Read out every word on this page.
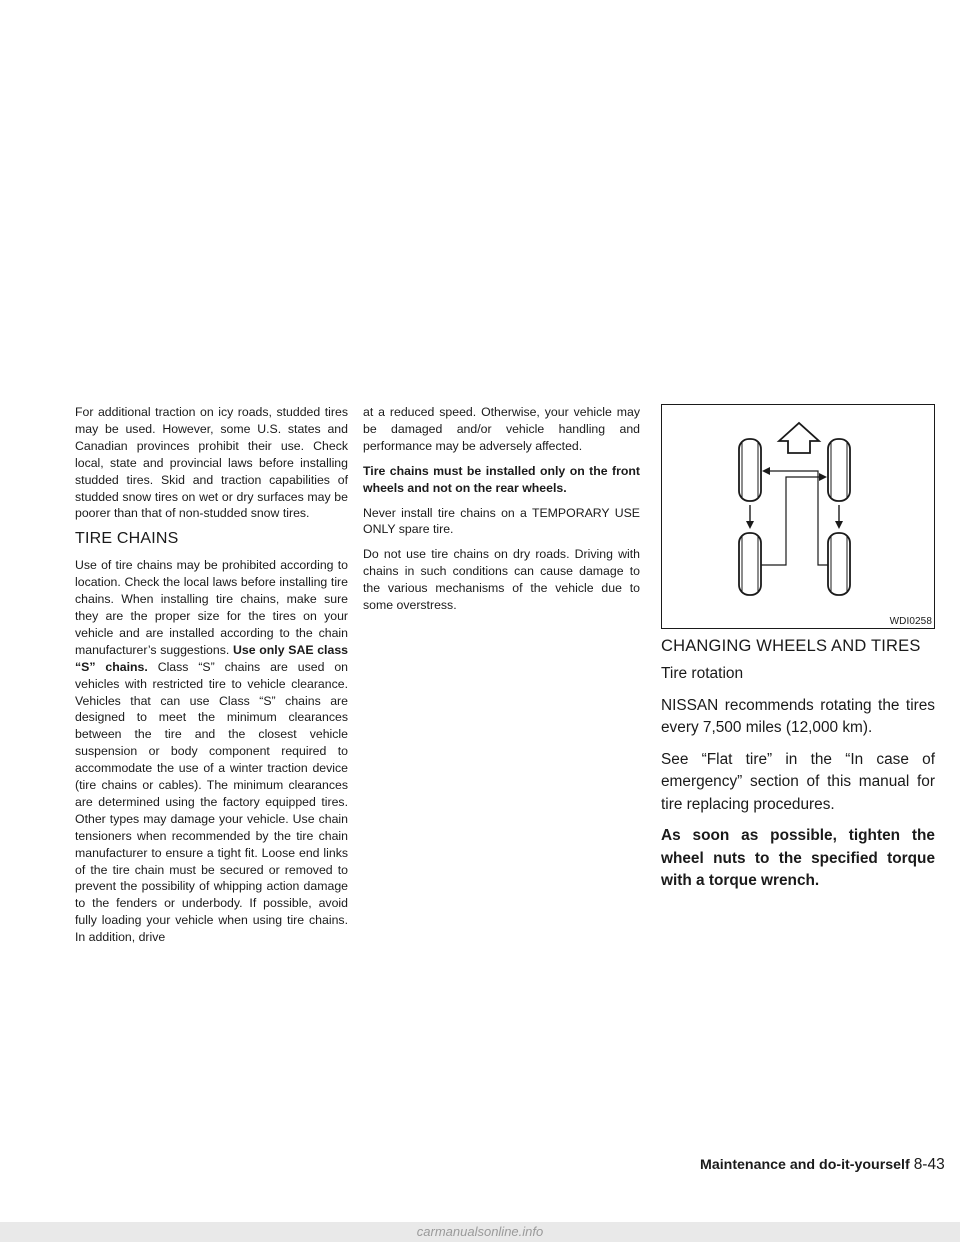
For additional traction on icy roads, studded tires may be used. However, some U.S. states and Canadian provinces prohibit their use. Check local, state and provincial laws before installing studded tires. Skid and traction capabilities of studded snow tires on wet or dry surfaces may be poorer than that of non-studded snow tires.

TIRE CHAINS

Use of tire chains may be prohibited according to location. Check the local laws before installing tire chains. When installing tire chains, make sure they are the proper size for the tires on your vehicle and are installed according to the chain manufacturer’s suggestions. Use only SAE class “S” chains. Class “S” chains are used on vehicles with restricted tire to vehicle clearance. Vehicles that can use Class “S” chains are designed to meet the minimum clearances between the tire and the closest vehicle suspension or body component required to accommodate the use of a winter traction device (tire chains or cables). The minimum clearances are determined using the factory equipped tires. Other types may damage your vehicle. Use chain tensioners when recommended by the tire chain manufacturer to ensure a tight fit. Loose end links of the tire chain must be secured or removed to prevent the possibility of whipping action damage to the fenders or underbody. If possible, avoid fully loading your vehicle when using tire chains. In addition, drive

at a reduced speed. Otherwise, your vehicle may be damaged and/or vehicle handling and performance may be adversely affected.

Tire chains must be installed only on the front wheels and not on the rear wheels.

Never install tire chains on a TEMPORARY USE ONLY spare tire.

Do not use tire chains on dry roads. Driving with chains in such conditions can cause damage to the various mechanisms of the vehicle due to some overstress.

WDI0258
CHANGING WHEELS AND TIRES
Tire rotation

NISSAN recommends rotating the tires every 7,500 miles (12,000 km).

See “Flat tire” in the “In case of emergency” section of this manual for tire replacing procedures.

As soon as possible, tighten the wheel nuts to the specified torque with a torque wrench.

Maintenance and do-it-yourself 8-43
carmanualsonline.info
